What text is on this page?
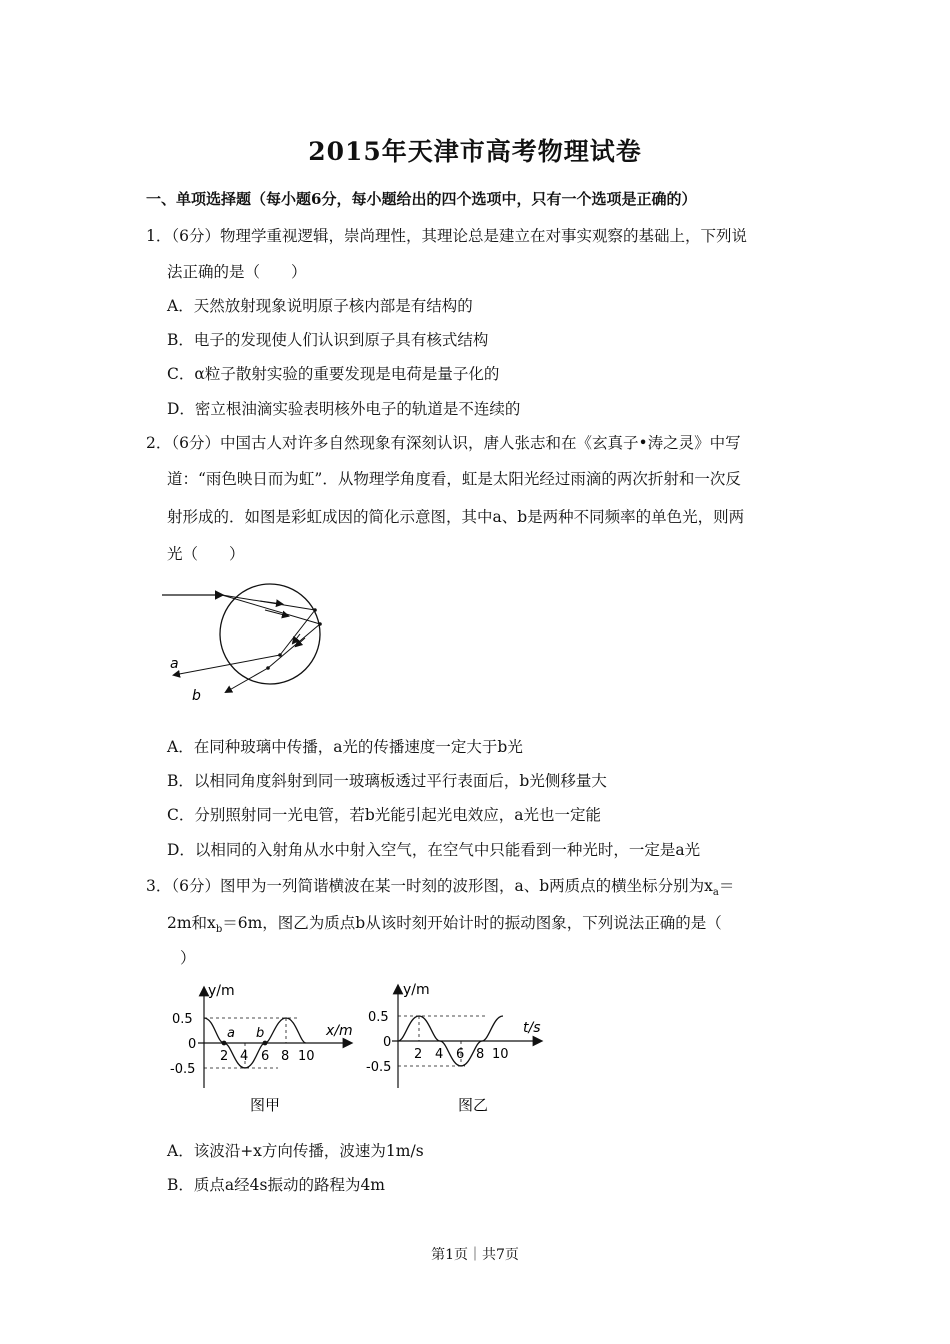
2015年天津市高考物理试卷
一、单项选择题（每小题6分，每小题给出的四个选项中，只有一个选项是正确的）
1．（6分）物理学重视逻辑，崇尚理性，其理论总是建立在对事实观察的基础上，下列说
法正确的是（　　）
A．天然放射现象说明原子核内部是有结构的
B．电子的发现使人们认识到原子具有核式结构
C．α粒子散射实验的重要发现是电荷是量子化的
D．密立根油滴实验表明核外电子的轨道是不连续的
2．（6分）中国古人对许多自然现象有深刻认识，唐人张志和在《玄真子•涛之灵》中写
道：“雨色映日而为虹”．从物理学角度看，虹是太阳光经过雨滴的两次折射和一次反
射形成的．如图是彩虹成因的简化示意图，其中a、b是两种不同频率的单色光，则两
光（　　）
a
b
A．在同种玻璃中传播，a光的传播速度一定大于b光
B．以相同角度斜射到同一玻璃板透过平行表面后，b光侧移量大
C．分别照射同一光电管，若b光能引起光电效应，a光也一定能
D．以相同的入射角从水中射入空气，在空气中只能看到一种光时，一定是a光
3．（6分）图甲为一列简谐横波在某一时刻的波形图，a、b两质点的横坐标分别为$x_a=$
2m和$x_b=6m$，图乙为质点b从该时刻开始计时的振动图象，下列说法正确的是（
）
y/m
x/m
0.5
0
-0.5
2 4 6 8 10
a b
图甲
y/m
t/s
0.5
0
-0.5
2 4 6 8 10
图乙
A．该波沿+x方向传播，波速为1m/s
B．质点a经4s振动的路程为4m
第1页｜共7页
